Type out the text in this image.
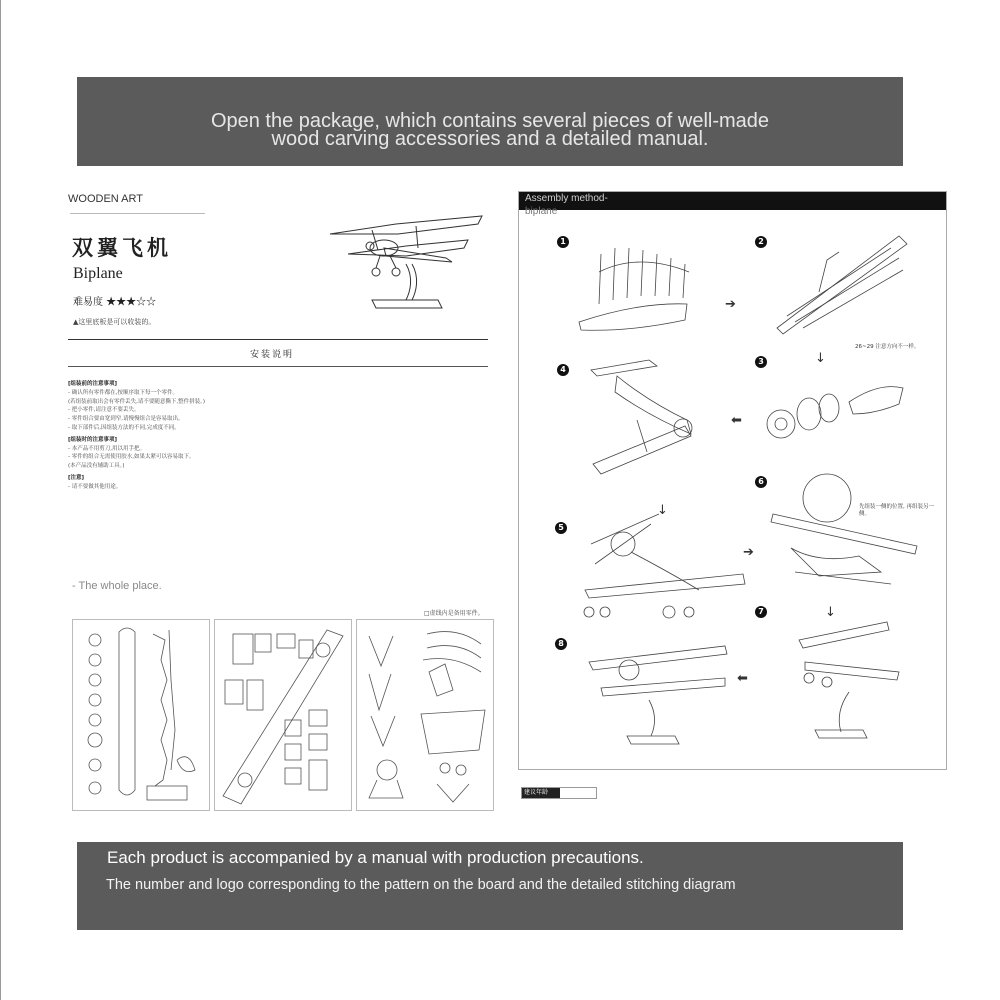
Open the package, which contains several pieces of well-made
wood carving accessories and a detailed manual.
WOODEN ART
双翼飞机
Biplane
难易度 ★★★☆☆
▲这里底板是可以收装的。
安装说明
[组装前的注意事项]
- 确认所有零件都在,按顺序取下每一个零件。
(若组装前取出会有零件丢失,请不要随意撕下,整件拼装。)
- 把小零件,请注意不要丢失。
- 零件组合要由宽到窄,请慢慢组合是容易取出。
- 取下部件后,因组装方法的不同,完成度不同。
[组装时的注意事项]
- 本产品不用剪刀,用以用手把。
- 零件的组合无需使用胶水,如果太紧可以容易取下。
(本产品没有辅助工具。)
[注意]
- 请不要做其他用途。
- The whole place.
□虚线内是备用零件。
Assembly method-
biplane
1	2
3
4
5
6
7
8
➔
↓
⬅
↓
➔
↓
⬅
26~29 注意方向不一样。
先组装一侧的位置, 再组装另一侧。
建议年龄
Each product is accompanied by a manual with production precautions.
The number and logo corresponding to the pattern on the board and the detailed stitching diagram
